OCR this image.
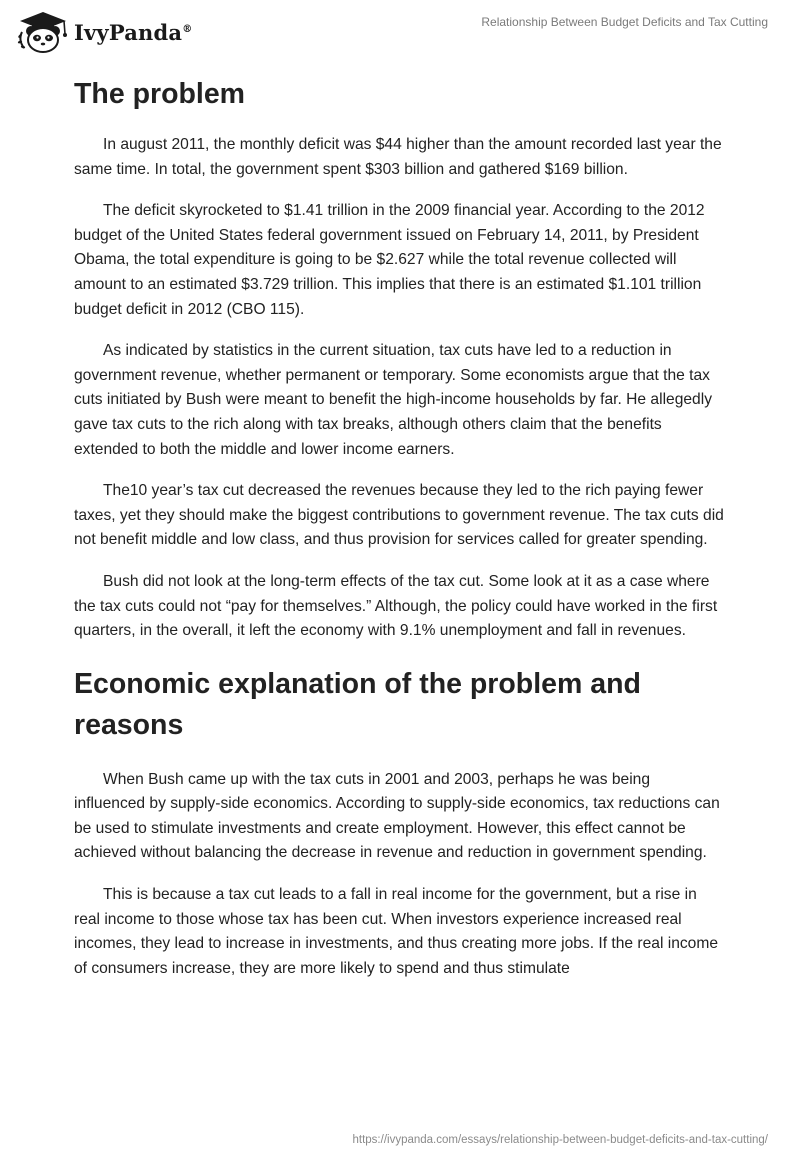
IvyPanda®	Relationship Between Budget Deficits and Tax Cutting
The problem

In august 2011, the monthly deficit was $44 higher than the amount recorded last year the same time. In total, the government spent $303 billion and gathered $169 billion.

The deficit skyrocketed to $1.41 trillion in the 2009 financial year. According to the 2012 budget of the United States federal government issued on February 14, 2011, by President Obama, the total expenditure is going to be $2.627 while the total revenue collected will amount to an estimated $3.729 trillion. This implies that there is an estimated $1.101 trillion budget deficit in 2012 (CBO 115).

As indicated by statistics in the current situation, tax cuts have led to a reduction in government revenue, whether permanent or temporary. Some economists argue that the tax cuts initiated by Bush were meant to benefit the high-income households by far. He allegedly gave tax cuts to the rich along with tax breaks, although others claim that the benefits extended to both the middle and lower income earners.

The10 year’s tax cut decreased the revenues because they led to the rich paying fewer taxes, yet they should make the biggest contributions to government revenue. The tax cuts did not benefit middle and low class, and thus provision for services called for greater spending.

Bush did not look at the long-term effects of the tax cut. Some look at it as a case where the tax cuts could not “pay for themselves.” Although, the policy could have worked in the first quarters, in the overall, it left the economy with 9.1% unemployment and fall in revenues.

Economic explanation of the problem and reasons

When Bush came up with the tax cuts in 2001 and 2003, perhaps he was being influenced by supply-side economics. According to supply-side economics, tax reductions can be used to stimulate investments and create employment. However, this effect cannot be achieved without balancing the decrease in revenue and reduction in government spending.

This is because a tax cut leads to a fall in real income for the government, but a rise in real income to those whose tax has been cut. When investors experience increased real incomes, they lead to increase in investments, and thus creating more jobs. If the real income of consumers increase, they are more likely to spend and thus stimulate

https://ivypanda.com/essays/relationship-between-budget-deficits-and-tax-cutting/
